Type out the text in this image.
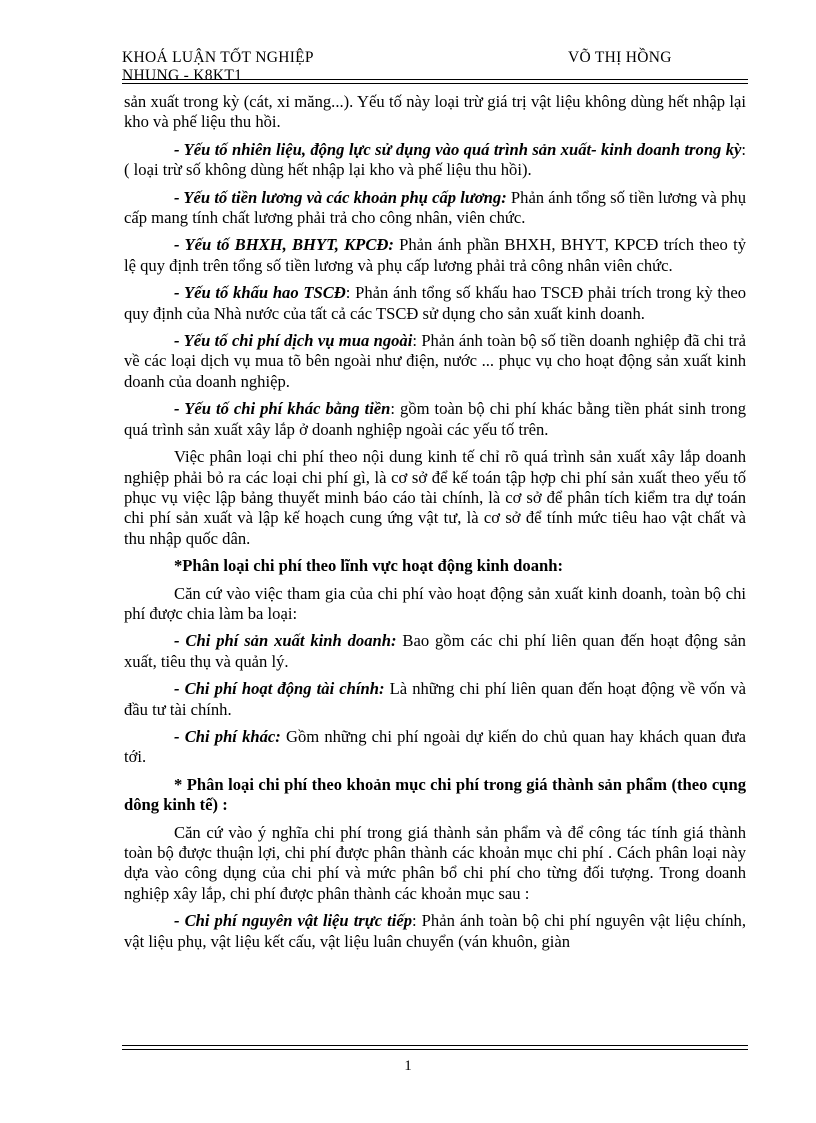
KHOÁ LUẬN TỐT NGHIỆP	VÕ THỊ HỒNG
NHUNG - K8KT1

sản xuất trong kỳ (cát, xi măng...). Yếu tố này loại trừ giá trị vật liệu không dùng hết nhập lại kho và phế liệu thu hồi.

- Yếu tố nhiên liệu, động lực sử dụng vào quá trình sản xuất- kinh doanh trong kỳ: ( loại trừ số không dùng hết nhập lại kho và phế liệu thu hồi).

- Yếu tố tiền lương và các khoản phụ cấp lương: Phản ánh tổng số tiền lương và phụ cấp mang tính chất lương phải trả cho công nhân, viên chức.

- Yếu tố BHXH, BHYT, KPCĐ: Phản ánh phần BHXH, BHYT, KPCĐ trích theo tỷ lệ quy định trên tổng số tiền lương và phụ cấp lương phải trả công nhân viên chức.

- Yếu tố khấu hao TSCĐ: Phản ánh tổng số khấu hao TSCĐ phải trích trong kỳ theo quy định của Nhà nước của tất cả các TSCĐ sử dụng cho sản xuất kinh doanh.

- Yếu tố chi phí dịch vụ mua ngoài: Phản ánh toàn bộ số tiền doanh nghiệp đã chi trả về các loại dịch vụ mua tõ bên ngoài như điện, nước ... phục vụ cho hoạt động sản xuất kinh doanh của doanh nghiệp.

- Yếu tố chi phí khác bằng tiền: gồm toàn bộ chi phí khác bằng tiền phát sinh trong quá trình sản xuất xây lắp ở doanh nghiệp ngoài các yếu tố trên.

Việc phân loại chi phí theo nội dung kinh tế chỉ rõ quá trình sản xuất xây lắp doanh nghiệp phải bỏ ra các loại chi phí gì, là cơ sở để kế toán tập hợp chi phí sản xuất theo yếu tố phục vụ việc lập bảng thuyết minh báo cáo tài chính, là cơ sở để phân tích kiểm tra dự toán chi phí sản xuất và lập kế hoạch cung ứng vật tư, là cơ sở để tính mức tiêu hao vật chất và thu nhập quốc dân.

*Phân loại chi phí theo lĩnh vực hoạt động kinh doanh:

Căn cứ vào việc tham gia của chi phí vào hoạt động sản xuất kinh doanh, toàn bộ chi phí được chia làm ba loại:

- Chi phí sản xuất kinh doanh: Bao gồm các chi phí liên quan đến hoạt động sản xuất, tiêu thụ và quản lý.

- Chi phí hoạt động tài chính: Là những chi phí liên quan đến hoạt động về vốn và đầu tư tài chính.

- Chi phí khác: Gồm những chi phí ngoài dự kiến do chủ quan hay khách quan đưa tới.

* Phân loại chi phí theo khoản mục chi phí trong giá thành sản phẩm (theo cụng dông kinh tế) :

Căn cứ vào ý nghĩa chi phí trong giá thành sản phẩm và để công tác tính giá thành toàn bộ được thuận lợi, chi phí được phân thành các khoản mục chi phí . Cách phân loại này dựa vào công dụng của chi phí và mức phân bổ chi phí cho từng đối tượng. Trong doanh nghiệp xây lắp, chi phí được phân thành các khoản mục sau :

- Chi phí nguyên vật liệu trực tiếp: Phản ánh toàn bộ chi phí nguyên vật liệu chính, vật liệu phụ, vật liệu kết cấu, vật liệu luân chuyển (ván khuôn, giàn

1
